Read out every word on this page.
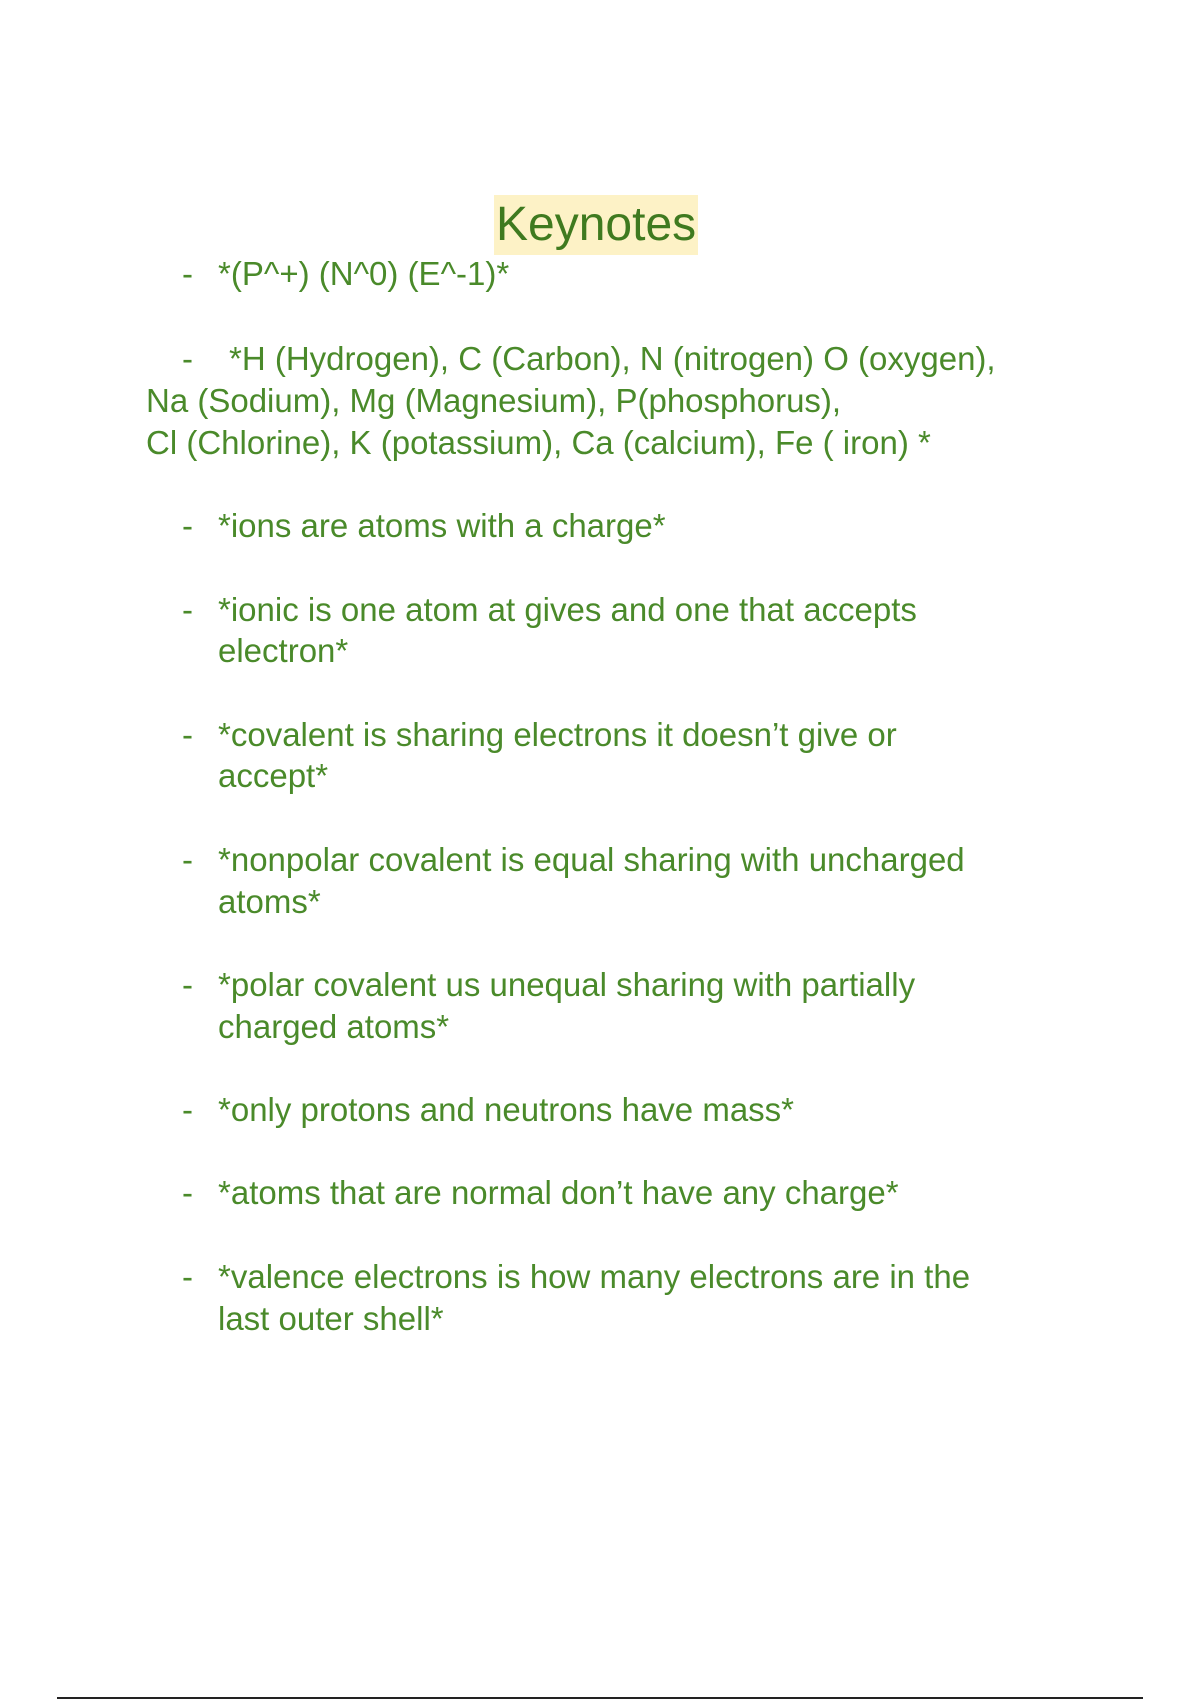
Keynotes
- *(P^+) (N^0) (E^-1)*
- *H (Hydrogen), C (Carbon), N (nitrogen) O (oxygen),
Na (Sodium), Mg (Magnesium), P(phosphorus),
Cl (Chlorine), K (potassium), Ca (calcium), Fe ( iron) *
- *ions are atoms with a charge*
- *ionic is one atom at gives and one that accepts
electron*
- *covalent is sharing electrons it doesn’t give or
accept*
- *nonpolar covalent is equal sharing with uncharged
atoms*
- *polar covalent us unequal sharing with partially
charged atoms*
- *only protons and neutrons have mass*
- *atoms that are normal don’t have any charge*
- *valence electrons is how many electrons are in the
last outer shell*
